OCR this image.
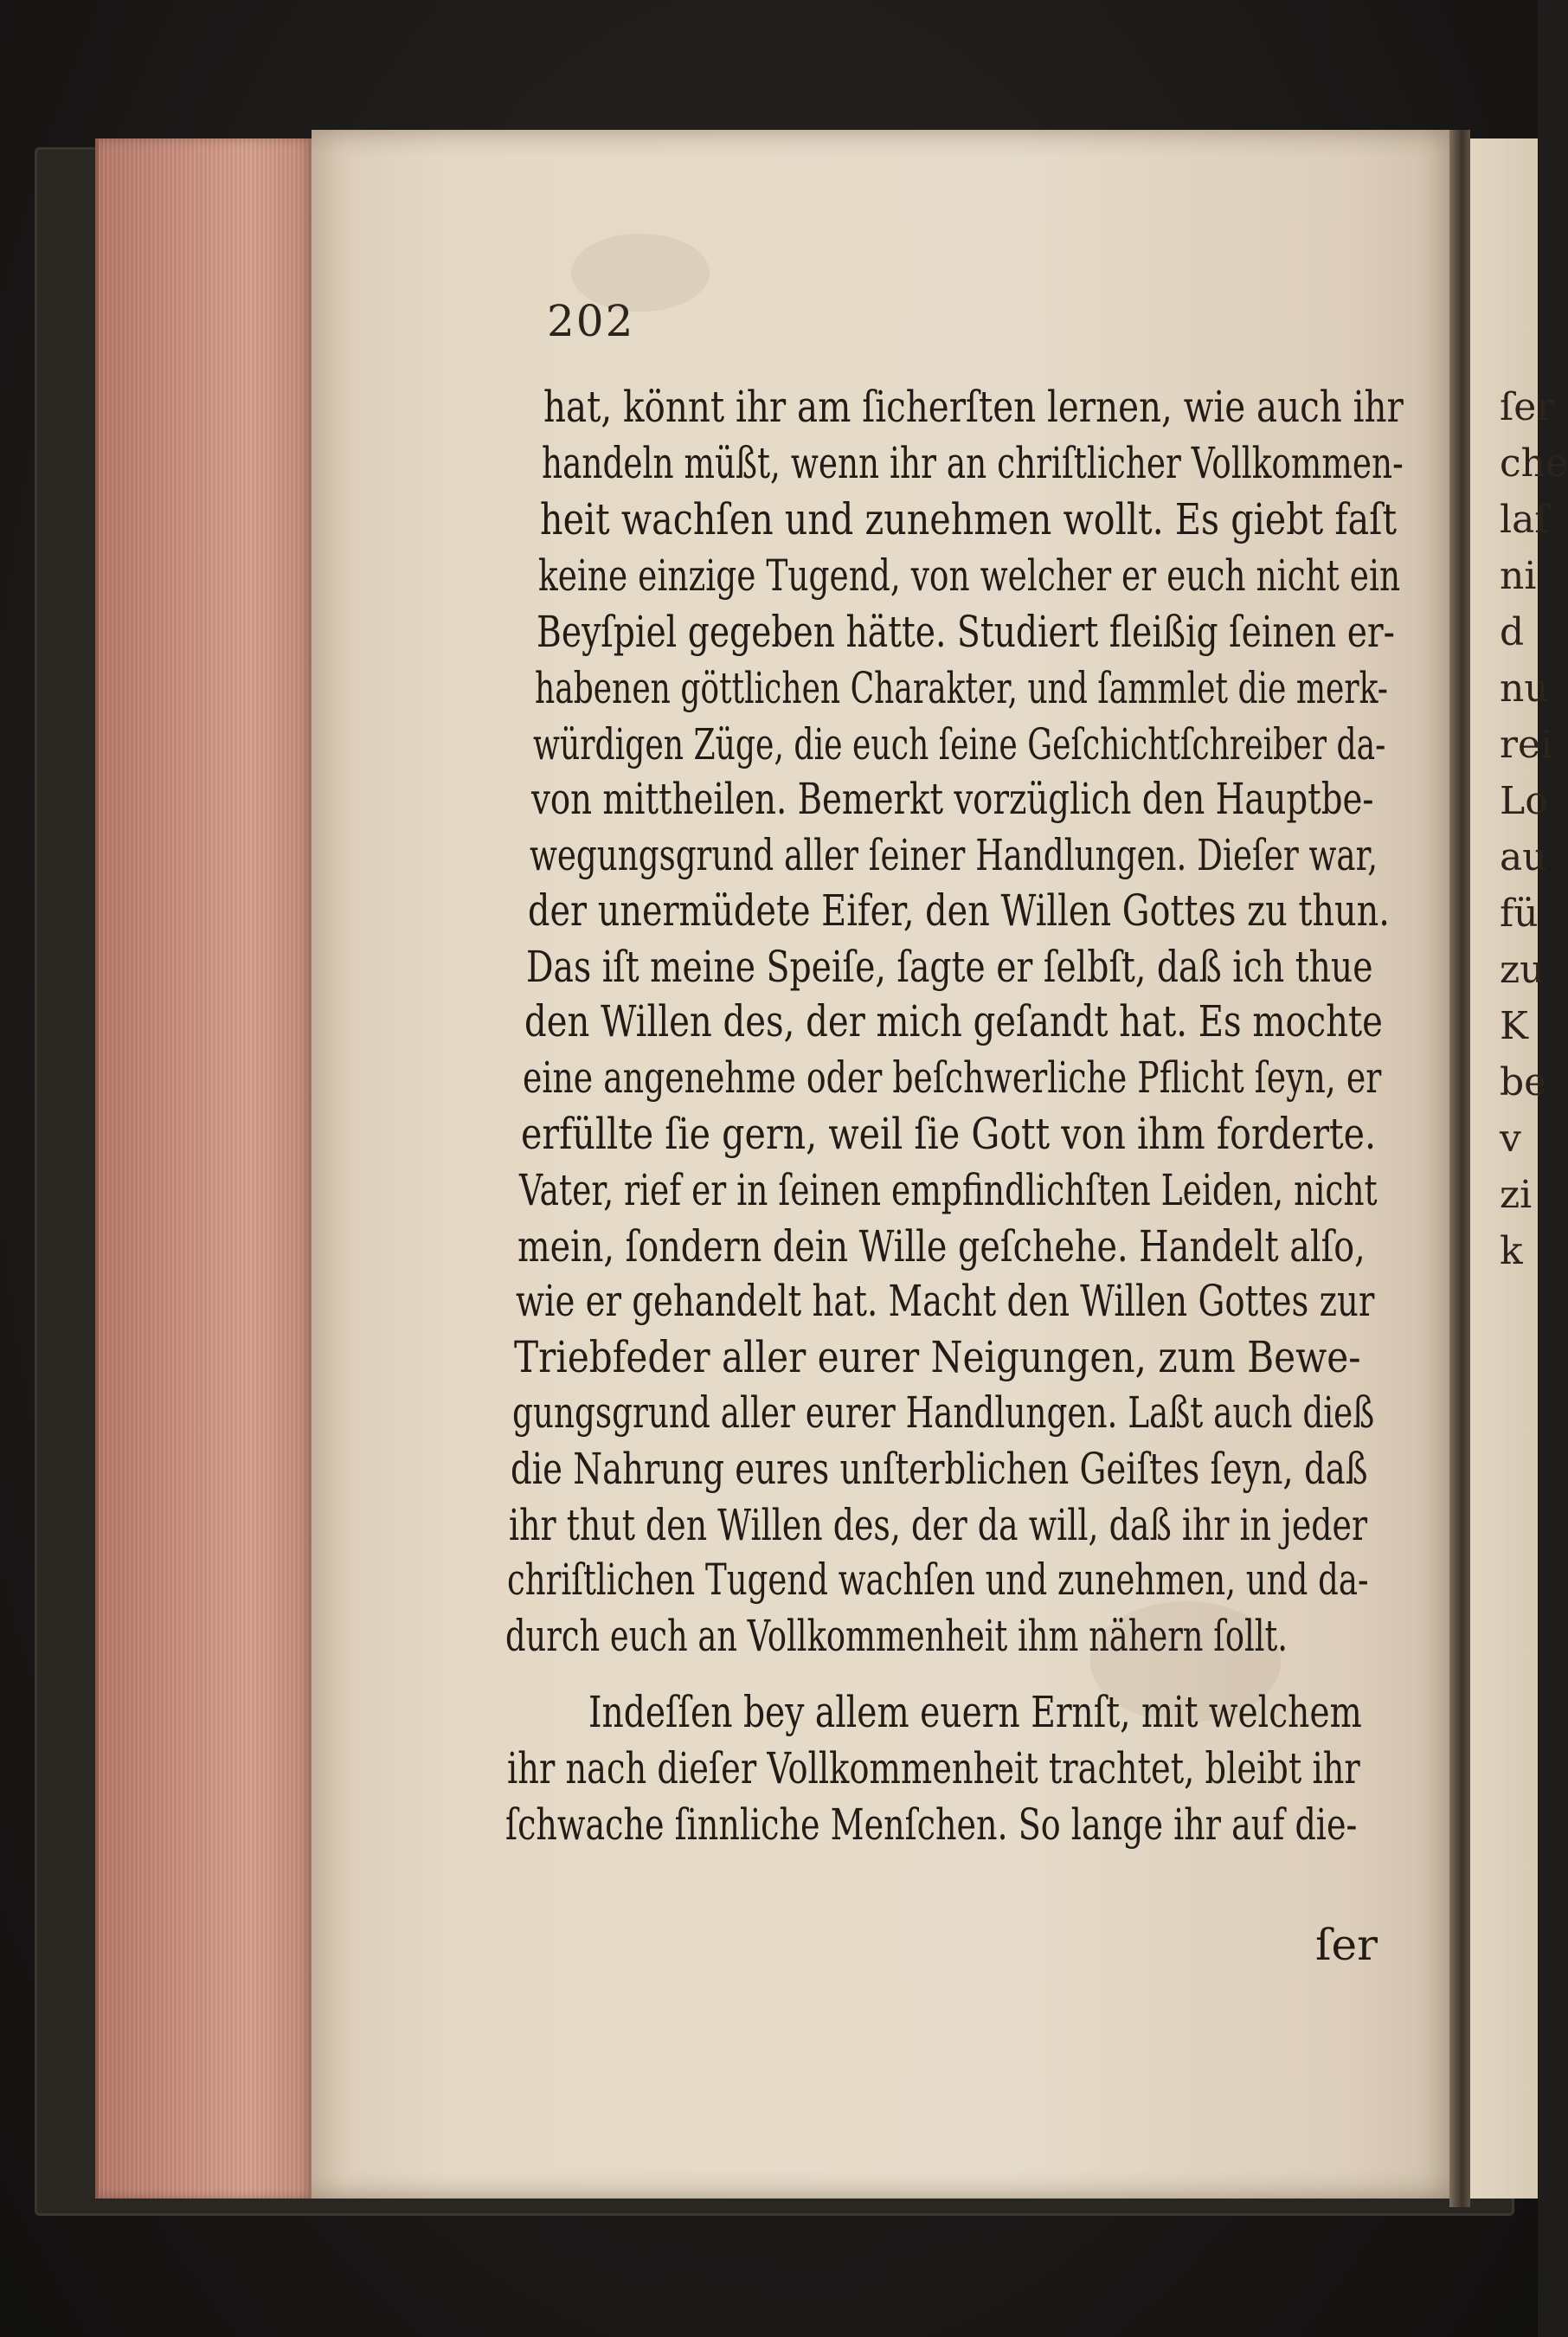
ſer
che
laſ
ni
d
nu
rei
Lo
au
fü
zu
K
be
v
zi
k
202
hat, könnt ihr am ſicherſten lernen, wie auch ihr
handeln müßt, wenn ihr an chriſtlicher Vollkommen-
heit wachſen und zunehmen wollt. Es giebt faſt
keine einzige Tugend, von welcher er euch nicht ein
Beyſpiel gegeben hätte. Studiert fleißig ſeinen er-
habenen göttlichen Charakter, und ſammlet die merk-
würdigen Züge, die euch ſeine Geſchichtſchreiber da-
von mittheilen. Bemerkt vorzüglich den Hauptbe-
wegungsgrund aller ſeiner Handlungen. Dieſer war,
der unermüdete Eifer, den Willen Gottes zu thun.
Das iſt meine Speiſe, ſagte er ſelbſt, daß ich thue
den Willen des, der mich geſandt hat. Es mochte
eine angenehme oder beſchwerliche Pflicht ſeyn, er
erfüllte ſie gern, weil ſie Gott von ihm forderte.
Vater, rief er in ſeinen empfindlichſten Leiden, nicht
mein, ſondern dein Wille geſchehe. Handelt alſo,
wie er gehandelt hat. Macht den Willen Gottes zur
Triebfeder aller eurer Neigungen, zum Bewe-
gungsgrund aller eurer Handlungen. Laßt auch dieß
die Nahrung eures unſterblichen Geiſtes ſeyn, daß
ihr thut den Willen des, der da will, daß ihr in jeder
chriſtlichen Tugend wachſen und zunehmen, und da-
durch euch an Vollkommenheit ihm nähern ſollt.
Indeſſen bey allem euern Ernſt, mit welchem
ihr nach dieſer Vollkommenheit trachtet, bleibt ihr
ſchwache ſinnliche Menſchen. So lange ihr auf die-
ſer
